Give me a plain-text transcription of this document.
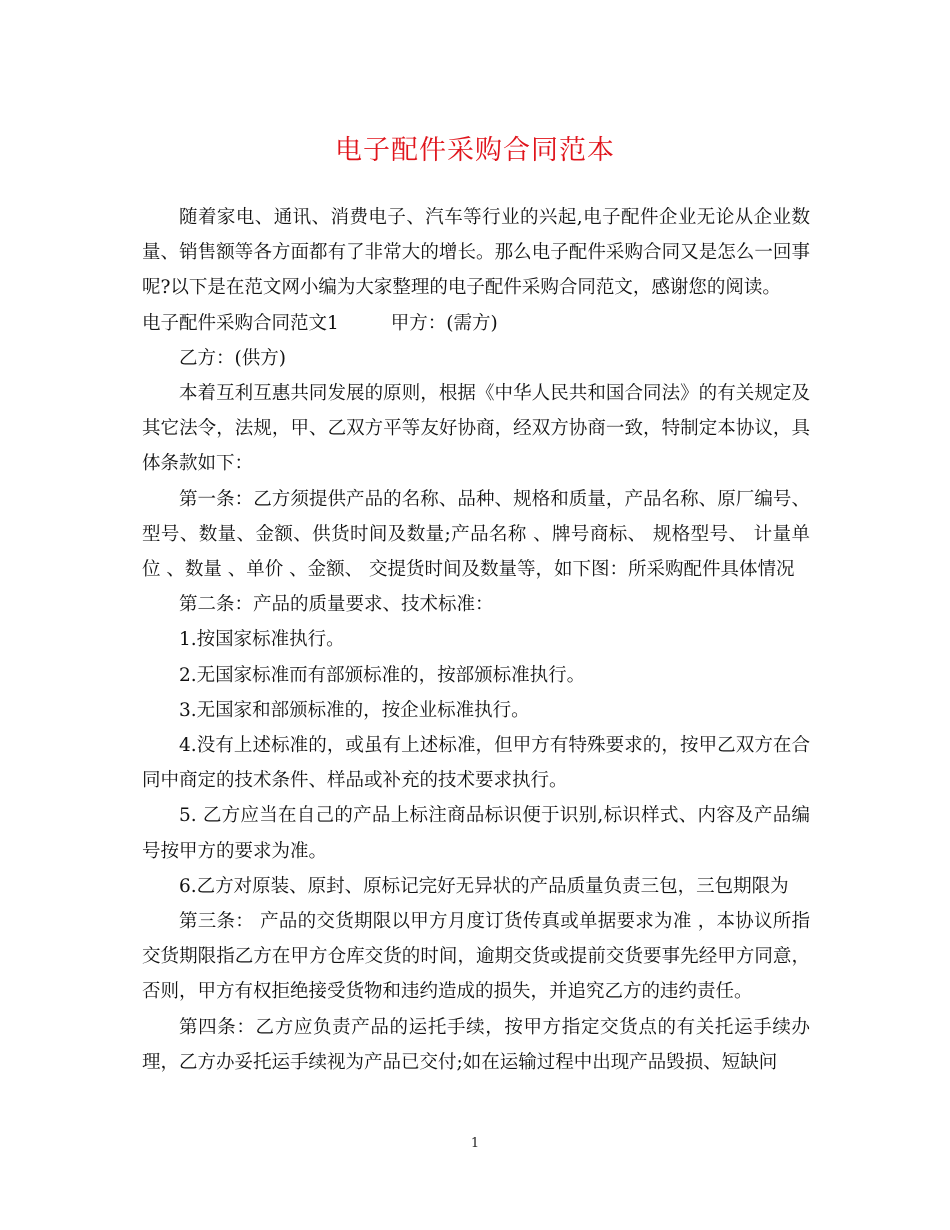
电子配件采购合同范本

随着家电、通讯、消费电子、汽车等行业的兴起,电子配件企业无论从企业数量、销售额等各方面都有了非常大的增长。那么电子配件采购合同又是怎么一回事呢?以下是在范文网小编为大家整理的电子配件采购合同范文，感谢您的阅读。

电子配件采购合同范文1	甲方：(需方)

乙方：(供方)

本着互利互惠共同发展的原则，根据《中华人民共和国合同法》的有关规定及其它法令，法规，甲、乙双方平等友好协商，经双方协商一致，特制定本协议，具体条款如下：

第一条：乙方须提供产品的名称、品种、规格和质量，产品名称、原厂编号、型号、数量、金额、供货时间及数量;产品名称 、牌号商标、 规格型号、 计量单位 、数量 、单价 、金额、 交提货时间及数量等，如下图：所采购配件具体情况

第二条：产品的质量要求、技术标准：

1.按国家标准执行。

2.无国家标准而有部颁标准的，按部颁标准执行。

3.无国家和部颁标准的，按企业标准执行。

4.没有上述标准的，或虽有上述标准，但甲方有特殊要求的，按甲乙双方在合同中商定的技术条件、样品或补充的技术要求执行。

5. 乙方应当在自己的产品上标注商品标识便于识别,标识样式、内容及产品编号按甲方的要求为准。

6.乙方对原装、原封、原标记完好无异状的产品质量负责三包，三包期限为

第三条： 产品的交货期限以甲方月度订货传真或单据要求为准 ，本协议所指交货期限指乙方在甲方仓库交货的时间，逾期交货或提前交货要事先经甲方同意，否则，甲方有权拒绝接受货物和违约造成的损失，并追究乙方的违约责任。

第四条：乙方应负责产品的运托手续，按甲方指定交货点的有关托运手续办理，乙方办妥托运手续视为产品已交付;如在运输过程中出现产品毁损、短缺问

1
